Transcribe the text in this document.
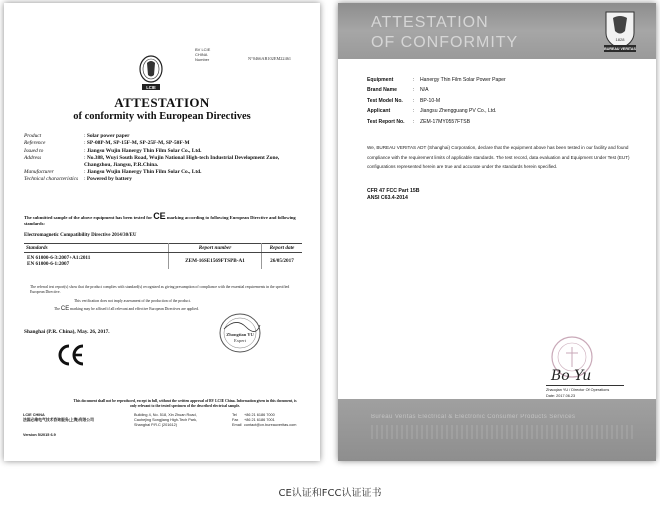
BV LCIE
CHINA
Number	N°0466AB102EM22461
LCIE
ATTESTATION
of conformity with European Directives
Product	: Solar power paper
Reference	: SP-08P-M, SP-15F-M, SP-25F-M, SP-50F-M
Issued to	: Jiangsu Wujin Hanergy Thin Film Solar Co., Ltd.
Address	: No.388, Wuyi South Road, Wujin National High-tech Industrial Development Zone, Changzhou, Jiangsu, P.R.China.
Manufacturer	: Jiangsu Wujin Hanergy Thin Film Solar Co., Ltd.
Technical characteristics	: Powered by battery
The submitted sample of the above equipment has been tested for CE marking according to following European Directive and following standards:
Electromagnetic Compatibility Directive 2014/30/EU
Standards	Report number	Report date

EN 61000-6-3:2007+A1:2011
EN 61000-6-1:2007	ZEM-16SE1569FTSPB-A1	26/05/2017
The referral test report(s) show that the product complies with standard(s) recognized as giving presumption of compliance with the essential requirements in the specified European Directive.
This verification does not imply assessment of the production of the product.
The CE marking may be affixed if all relevant and effective European Directives are applied.
Shanghai (P.R. China), May. 26, 2017.	Zhongtian YU
Expert
This document shall not be reproduced, except in full, without the written approval of BV LCIE China. Information given in this document, is only relevant to the tested specimen of the described electrical sample.
LCIE CHINA
法国必维电气技术咨询服务(上海)有限公司
Building 4, No. 518, Xin Zhuan Road,
Caohejing Songjiang High-Tech Park,
Shanghai P.R.C (201612)
Tel
Fax
Email
+86 21 6186 7000
+86 21 6186 7001
contact@cn.bureauveritas.com
Version 5/2015 6.9
ATTESTATION
OF CONFORMITY	1828
BUREAU VERITAS
Equipment	:	Hanergy Thin Film Solar Power Paper
Brand Name	:	N/A
Test Model No.	:	BP-10-M
Applicant	:	Jiangsu Zhengguang PV Co., Ltd.
Test Report No.	:	ZEM-17MY0557FTSB
We, BUREAU VERITAS ADT (Shanghai) Corporation, declare that the equipment above has been tested in our facility and found compliance with the requirement limits of applicable standards. The test record, data evaluation and Equipment Under Test (EUT) configurations represented herein are true and accurate under the standards herein specified.
CFR 47 FCC Part 15B
ANSI C63.4-2014
Bo Yu
Zhaoqian YU / Director Of Operations
Date: 2017.06.23
Bureau Veritas Electrical & Electronic Consumer Products Services
CE认证和FCC认证证书
